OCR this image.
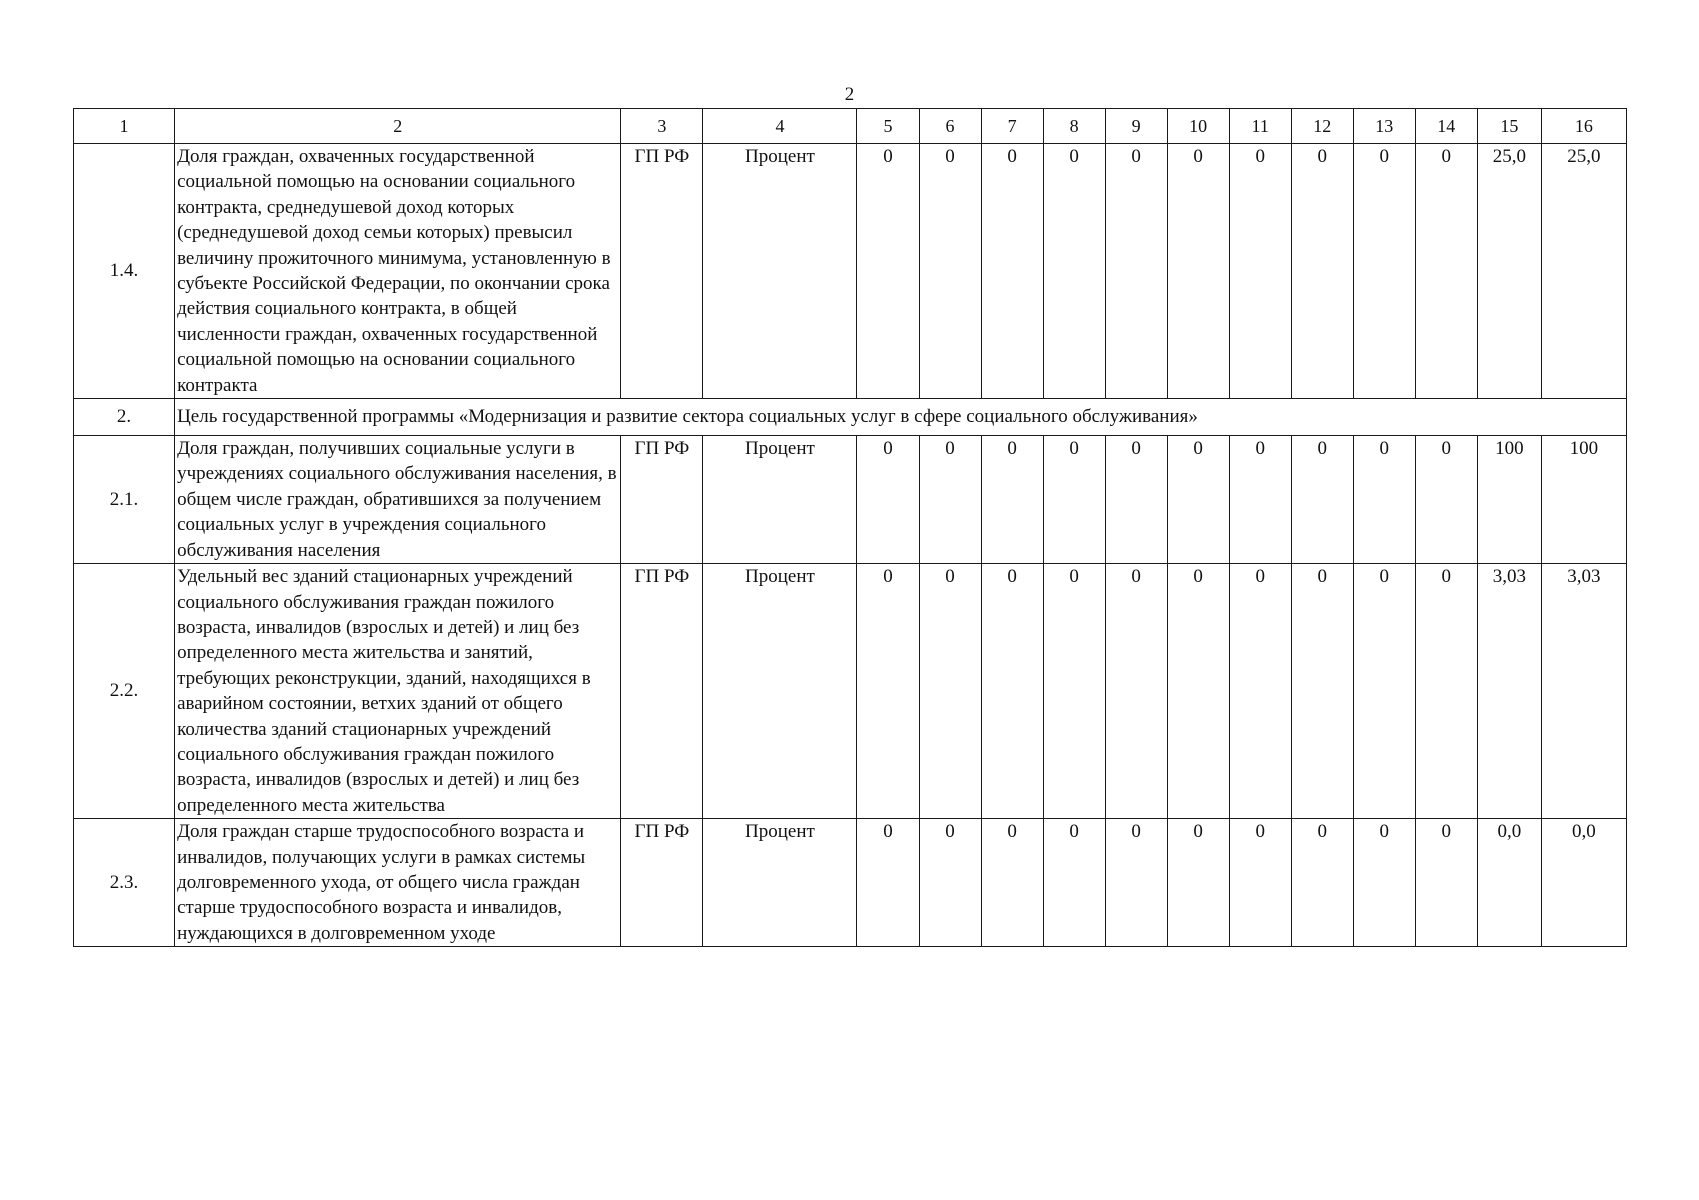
2
1	2	3	4	5	6	7	8	9	10	11	12	13	14	15	16
1.4.	Доля граждан, охваченных государственной социальной помощью на основании социального контракта, среднедушевой доход которых (среднедушевой доход семьи которых) превысил величину прожиточного минимума, установленную в субъекте Российской Федерации, по окончании срока действия социального контракта, в общей численности граждан, охваченных государственной социальной помощью на основании социального контракта	ГП РФ	Процент	0	0	0	0	0	0	0	0	0	0	25,0	25,0
2.	Цель государственной программы «Модернизация и развитие сектора социальных услуг в сфере социального обслуживания»														
2.1.	Доля граждан, получивших социальные услуги в учреждениях социального обслуживания населения, в общем числе граждан, обратившихся за получением социальных услуг в учреждения социального обслуживания населения	ГП РФ	Процент	0	0	0	0	0	0	0	0	0	0	100	100
2.2.	Удельный вес зданий стационарных учреждений социального обслуживания граждан пожилого возраста, инвалидов (взрослых и детей) и лиц без определенного места жительства и занятий, требующих реконструкции, зданий, находящихся в аварийном состоянии, ветхих зданий от общего количества зданий стационарных учреждений социального обслуживания граждан пожилого возраста, инвалидов (взрослых и детей) и лиц без определенного места жительства	ГП РФ	Процент	0	0	0	0	0	0	0	0	0	0	3,03	3,03
2.3.	Доля граждан старше трудоспособного возраста и инвалидов, получающих услуги в рамках системы долговременного ухода, от общего числа граждан старше трудоспособного возраста и инвалидов, нуждающихся в долговременном уходе	ГП РФ	Процент	0	0	0	0	0	0	0	0	0	0	0,0	0,0
